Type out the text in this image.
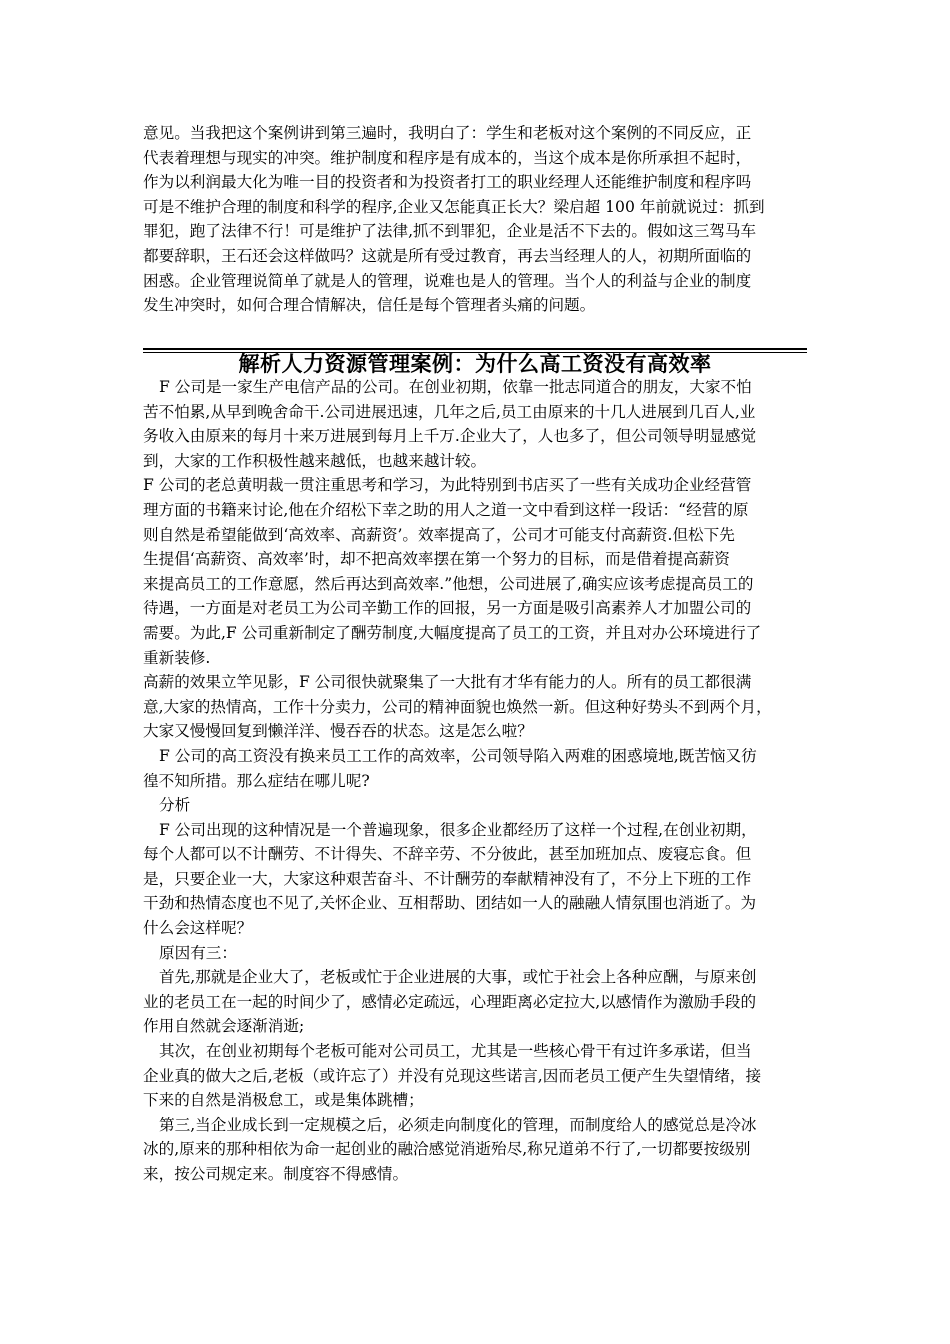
意见。当我把这个案例讲到第三遍时，我明白了：学生和老板对这个案例的不同反应，正
代表着理想与现实的冲突。维护制度和程序是有成本的，当这个成本是你所承担不起时，
作为以利润最大化为唯一目的投资者和为投资者打工的职业经理人还能维护制度和程序吗
可是不维护合理的制度和科学的程序,企业又怎能真正长大？梁启超 100 年前就说过：抓到
罪犯，跑了法律不行！可是维护了法律,抓不到罪犯，企业是活不下去的。假如这三驾马车
都要辞职，王石还会这样做吗？这就是所有受过教育，再去当经理人的人，初期所面临的
困惑。企业管理说简单了就是人的管理，说难也是人的管理。当个人的利益与企业的制度
发生冲突时，如何合理合情解决，信任是每个管理者头痛的问题。
解析人力资源管理案例：为什么高工资没有高效率
F 公司是一家生产电信产品的公司。在创业初期，依靠一批志同道合的朋友，大家不怕
苦不怕累,从早到晚舍命干.公司进展迅速，几年之后,员工由原来的十几人进展到几百人,业
务收入由原来的每月十来万进展到每月上千万.企业大了，人也多了，但公司领导明显感觉
到，大家的工作积极性越来越低，也越来越计较。
F 公司的老总黄明裁一贯注重思考和学习，为此特别到书店买了一些有关成功企业经营管
理方面的书籍来讨论,他在介绍松下幸之助的用人之道一文中看到这样一段话：“经营的原
则自然是希望能做到‘高效率、高薪资’。效率提高了，公司才可能支付高薪资.但松下先
生提倡‘高薪资、高效率’时，却不把高效率摆在第一个努力的目标，而是借着提高薪资
来提高员工的工作意愿，然后再达到高效率.”他想，公司进展了,确实应该考虑提高员工的
待遇，一方面是对老员工为公司辛勤工作的回报，另一方面是吸引高素养人才加盟公司的
需要。为此,F 公司重新制定了酬劳制度,大幅度提高了员工的工资，并且对办公环境进行了
重新装修.
高薪的效果立竿见影，F 公司很快就聚集了一大批有才华有能力的人。所有的员工都很满
意,大家的热情高，工作十分卖力，公司的精神面貌也焕然一新。但这种好势头不到两个月，
大家又慢慢回复到懒洋洋、慢吞吞的状态。这是怎么啦？
F 公司的高工资没有换来员工工作的高效率，公司领导陷入两难的困惑境地,既苦恼又彷
徨不知所措。那么症结在哪儿呢?
分析
F 公司出现的这种情况是一个普遍现象，很多企业都经历了这样一个过程,在创业初期，
每个人都可以不计酬劳、不计得失、不辞辛劳、不分彼此，甚至加班加点、废寝忘食。但
是，只要企业一大，大家这种艰苦奋斗、不计酬劳的奉献精神没有了，不分上下班的工作
干劲和热情态度也不见了,关怀企业、互相帮助、团结如一人的融融人情氛围也消逝了。为
什么会这样呢？
原因有三：
首先,那就是企业大了，老板或忙于企业进展的大事，或忙于社会上各种应酬，与原来创
业的老员工在一起的时间少了，感情必定疏远，心理距离必定拉大,以感情作为激励手段的
作用自然就会逐渐消逝;
其次，在创业初期每个老板可能对公司员工，尤其是一些核心骨干有过许多承诺，但当
企业真的做大之后,老板（或许忘了）并没有兑现这些诺言,因而老员工便产生失望情绪，接
下来的自然是消极怠工，或是集体跳槽；
第三,当企业成长到一定规模之后，必须走向制度化的管理，而制度给人的感觉总是冷冰
冰的,原来的那种相依为命一起创业的融洽感觉消逝殆尽,称兄道弟不行了,一切都要按级别
来，按公司规定来。制度容不得感情。
